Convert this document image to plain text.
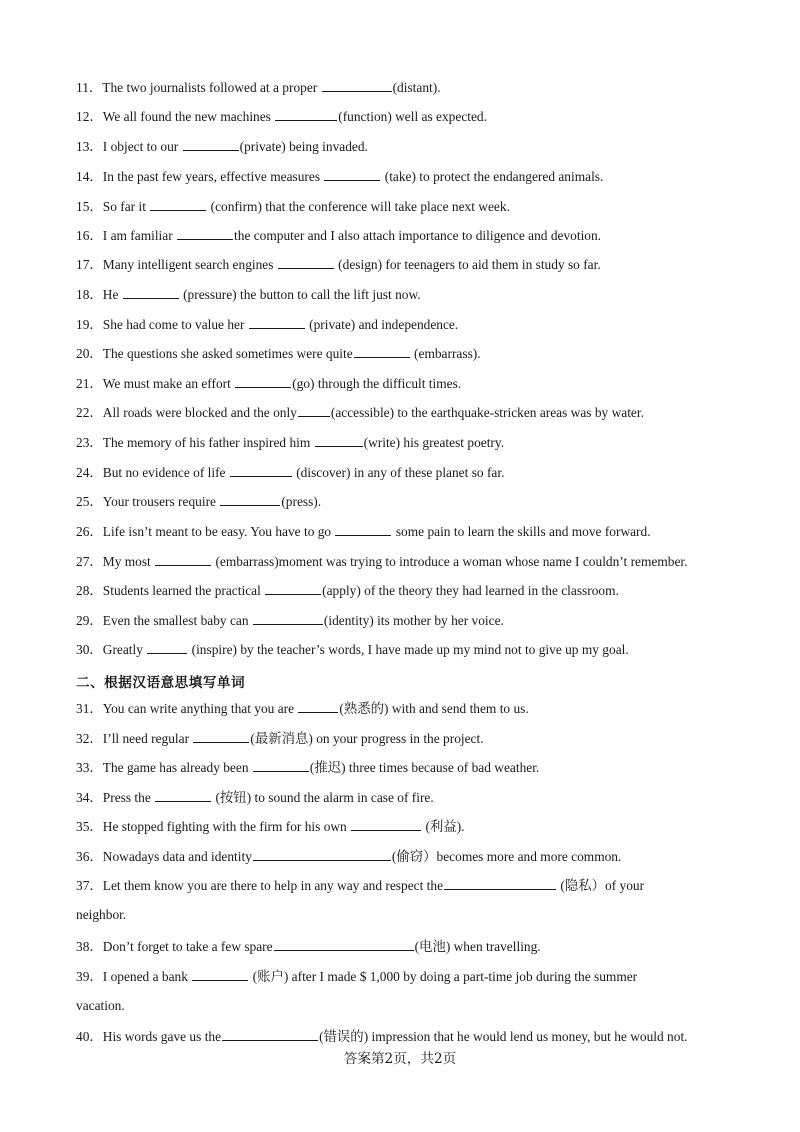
11．The two journalists followed at a proper	(distant).
12．We all found the new machines	(function) well as expected.
13．I object to our	(private) being invaded.
14．In the past few years, effective measures	(take) to protect the endangered animals.
15．So far it	(confirm) that the conference will take place next week.
16．I am familiar	the computer and I also attach importance to diligence and devotion.
17．Many intelligent search engines	(design) for teenagers to aid them in study so far.
18．He	(pressure) the button to call the lift just now.
19．She had come to value her	(private) and independence.
20．The questions she asked sometimes were quite	(embarrass).
21．We must make an effort	(go) through the difficult times.
22．All roads were blocked and the only	(accessible) to the earthquake-stricken areas was by water.
23．The memory of his father inspired him	(write) his greatest poetry.
24．But no evidence of life	(discover) in any of these planet so far.
25．Your trousers require	(press).
26．Life isn’t meant to be easy. You have to go	some pain to learn the skills and move forward.
27．My most	(embarrass)moment was trying to introduce a woman whose name I couldn’t remember.
28．Students learned the practical	(apply) of the theory they had learned in the classroom.
29．Even the smallest baby can	(identity) its mother by her voice.
30．Greatly	(inspire) by the teacher’s words, I have made up my mind not to give up my goal.
二、根据汉语意思填写单词
31．You can write anything that you are	(熟悉的) with and send them to us.
32．I’ll need regular	(最新消息) on your progress in the project.
33．The game has already been	(推迟) three times because of bad weather.
34．Press the	(按钮) to sound the alarm in case of fire.
35．He stopped fighting with the firm for his own	(利益).
36．Nowadays data and identity	(偷窃）becomes more and more common.
37．Let them know you are there to help in any way and respect the	(隐私）of your
38．Don’t forget to take a few spare	(电池) when travelling.
39．I opened a bank	(账户) after I made $ 1,000 by doing a part-time job during the summer
40．His words gave us the	(错误的) impression that he would lend us money, but he would not.
neighbor.
vacation.
答案第2页，共2页
